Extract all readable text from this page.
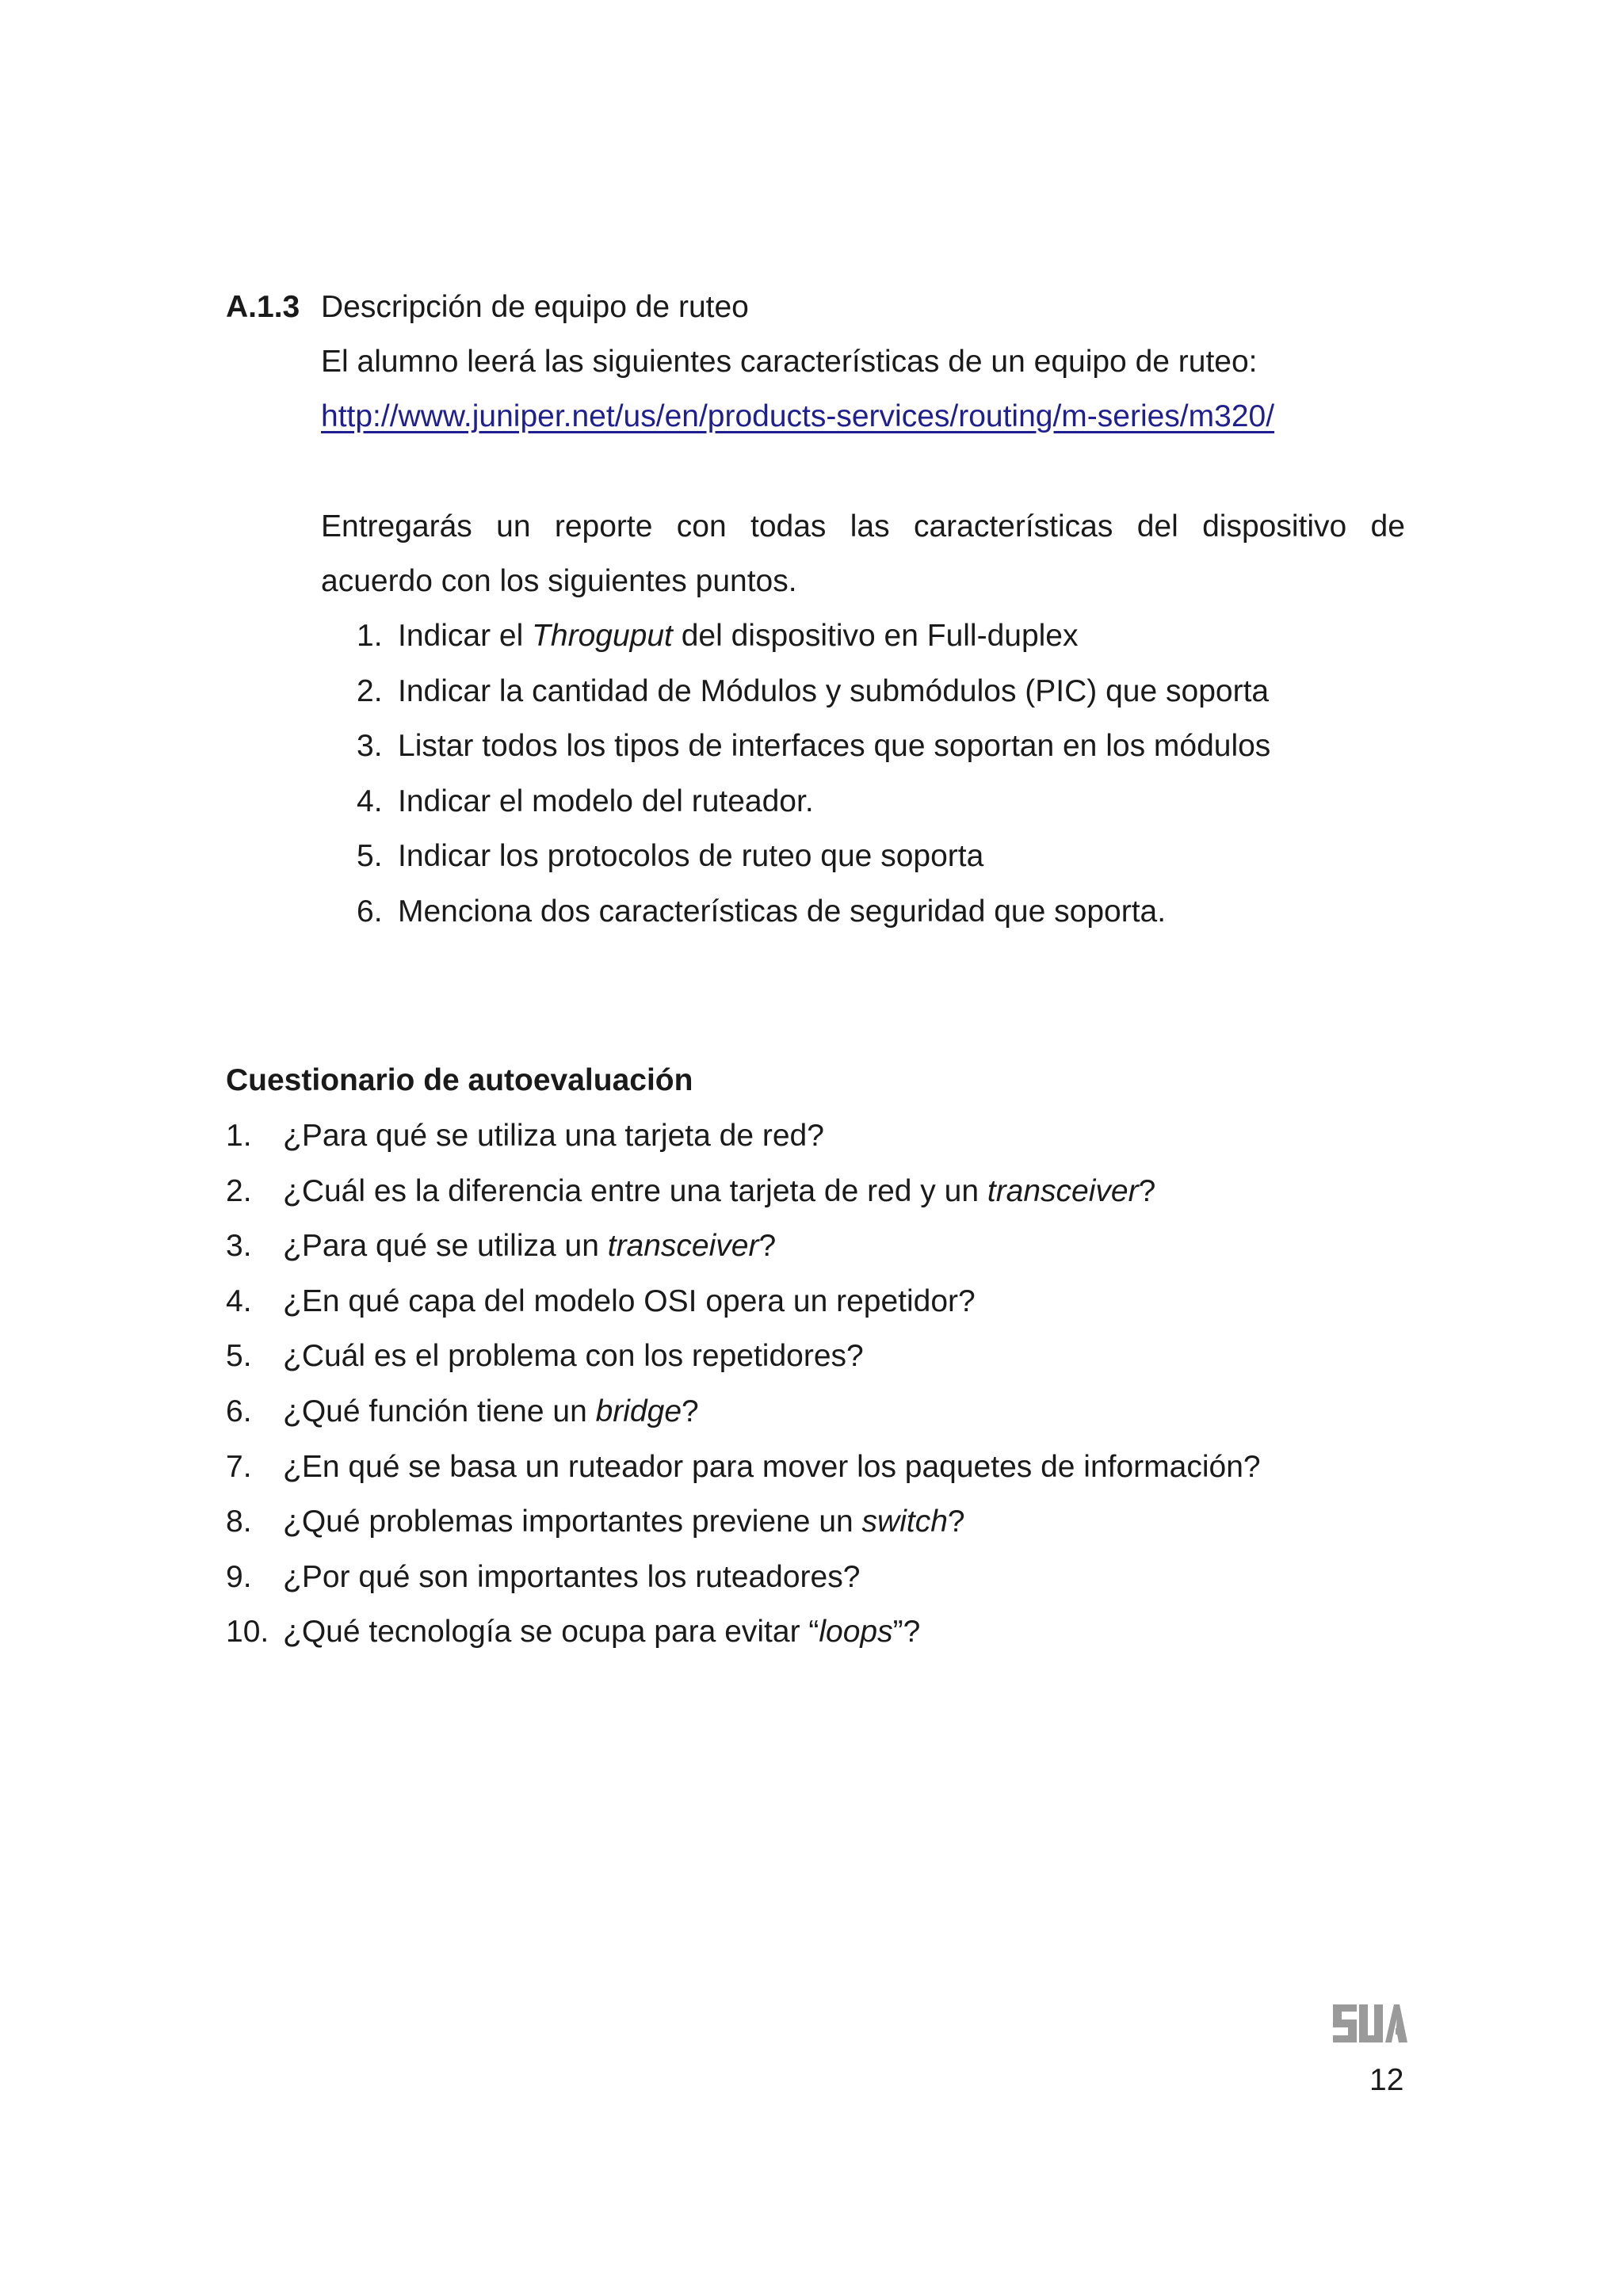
A.1.3 Descripción de equipo de ruteo
El alumno leerá las siguientes características de un equipo de ruteo:
http://www.juniper.net/us/en/products-services/routing/m-series/m320/
Entregarás un reporte con todas las características del dispositivo de
acuerdo con los siguientes puntos.
1. Indicar el Throguput del dispositivo en Full-duplex
2. Indicar la cantidad de Módulos y submódulos (PIC) que soporta
3. Listar todos los tipos de interfaces que soportan en los módulos
4. Indicar el modelo del ruteador.
5. Indicar los protocolos de ruteo que soporta
6. Menciona dos características de seguridad que soporta.
Cuestionario de autoevaluación
1. ¿Para qué se utiliza una tarjeta de red?
2. ¿Cuál es la diferencia entre una tarjeta de red y un transceiver?
3. ¿Para qué se utiliza un transceiver?
4. ¿En qué capa del modelo OSI opera un repetidor?
5. ¿Cuál es el problema con los repetidores?
6. ¿Qué función tiene un bridge?
7. ¿En qué se basa un ruteador para mover los paquetes de información?
8. ¿Qué problemas importantes previene un switch?
9. ¿Por qué son importantes los ruteadores?
10. ¿Qué tecnología se ocupa para evitar “loops”?
12
